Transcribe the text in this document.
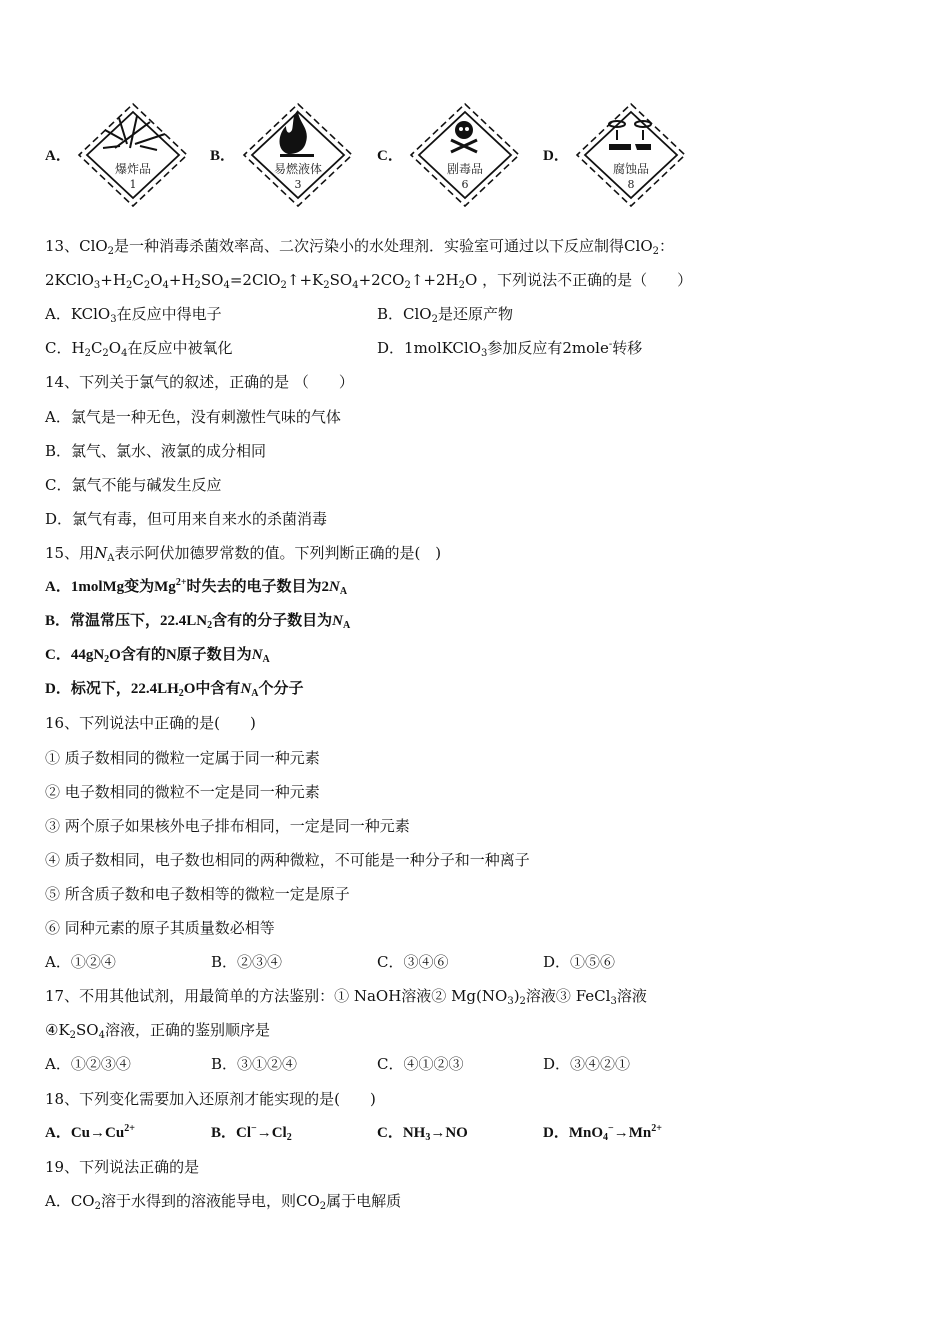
A．
爆炸品
1
B．
易燃液体
3
C．
剧毒品
6
D．
腐蚀品
8
13、ClO$_2$是一种消毒杀菌效率高、二次污染小的水处理剂．实验室可通过以下反应制得ClO$_2$：
$2KClO_3+H_2C_2O_4+H_2SO_4=2ClO_2↑+K_2SO_4+2CO_2↑+2H_2O$ ，下列说法不正确的是（　　）
A．KClO$_3$在反应中得电子	B．ClO$_2$是还原产物
C．$H_2C_2O_4$在反应中被氧化	D．1molKClO$_3$参加反应有2mole-转移
14、下列关于氯气的叙述，正确的是 （　　）
A．氯气是一种无色，没有刺激性气味的气体
B．氯气、氯水、液氯的成分相同
C．氯气不能与碱发生反应
D．氯气有毒，但可用来自来水的杀菌消毒
15、用$N_A$表示阿伏加德罗常数的值。下列判断正确的是(　)
A．1molMg变为$Mg^{2+}$时失去的电子数目为$2N_A$
B．常温常压下，$22.4LN_2$含有的分子数目为$N_A$
C．$44gN_2O$含有的N原子数目为$N_A$
D．标况下，$22.4LH_2O$中含有$N_A$个分子
16、下列说法中正确的是(　　)
① 质子数相同的微粒一定属于同一种元素
② 电子数相同的微粒不一定是同一种元素
③ 两个原子如果核外电子排布相同，一定是同一种元素
④ 质子数相同，电子数也相同的两种微粒，不可能是一种分子和一种离子
⑤ 所含质子数和电子数相等的微粒一定是原子
⑥ 同种元素的原子其质量数必相等
A．①②④	B．②③④	C．③④⑥	D．①⑤⑥
17、不用其他试剂，用最简单的方法鉴别：① NaOH溶液② $Mg(NO_3)_2$溶液③ FeCl$_3$溶液
$④K_2SO_4$溶液，正确的鉴别顺序是
A．①②③④	B．③①②④	C．④①②③	D．③④②①
18、下列变化需要加入还原剂才能实现的是(　　)
A．$Cu\to Cu^{2+}$	B．$Cl^-\to Cl_2$	C．$NH_3\to NO$	D．$MnO_4^-\to Mn^{2+}$
19、下列说法正确的是
A．$CO_2$溶于水得到的溶液能导电，则$CO_2$属于电解质
